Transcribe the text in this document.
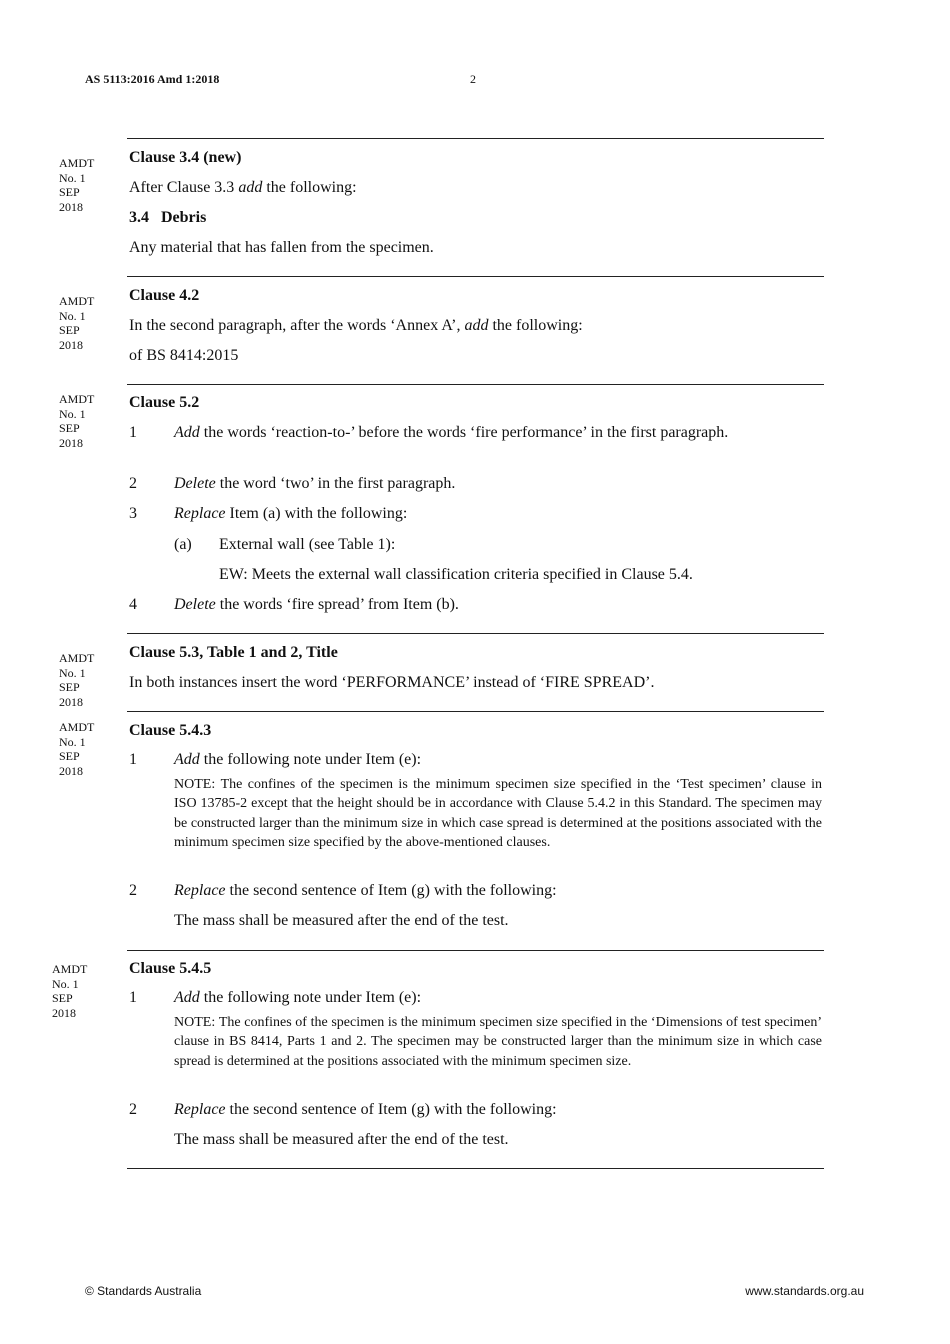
AS 5113:2016 Amd 1:2018	2
AMDT
No. 1
SEP
2018
AMDT
No. 1
SEP
2018
AMDT
No. 1
SEP
2018
AMDT
No. 1
SEP
2018
AMDT
No. 1
SEP
2018
AMDT
No. 1
SEP
2018

Clause 3.4 (new)

After Clause 3.3 add the following:

3.4 Debris

Any material that has fallen from the specimen.

Clause 4.2

In the second paragraph, after the words ‘Annex A’, add the following:

of BS 8414:2015

Clause 5.2

1 Add the words ‘reaction-to-’ before the words ‘fire performance’ in the first paragraph.
2 Delete the word ‘two’ in the first paragraph.
3 Replace Item (a) with the following:
(a) External wall (see Table 1):
EW: Meets the external wall classification criteria specified in Clause 5.4.
4 Delete the words ‘fire spread’ from Item (b).

Clause 5.3, Table 1 and 2, Title

In both instances insert the word ‘PERFORMANCE’ instead of ‘FIRE SPREAD’.

Clause 5.4.3

1 Add the following note under Item (e):
NOTE: The confines of the specimen is the minimum specimen size specified in the ‘Test specimen’ clause in ISO 13785-2 except that the height should be in accordance with Clause 5.4.2 in this Standard. The specimen may be constructed larger than the minimum size in which case spread is determined at the positions associated with the minimum specimen size specified by the above-mentioned clauses.
2 Replace the second sentence of Item (g) with the following:
The mass shall be measured after the end of the test.

Clause 5.4.5

1 Add the following note under Item (e):
NOTE: The confines of the specimen is the minimum specimen size specified in the ‘Dimensions of test specimen’ clause in BS 8414, Parts 1 and 2. The specimen may be constructed larger than the minimum size in which case spread is determined at the positions associated with the minimum specimen size.
2 Replace the second sentence of Item (g) with the following:
The mass shall be measured after the end of the test.
© Standards Australia	www.standards.org.au
